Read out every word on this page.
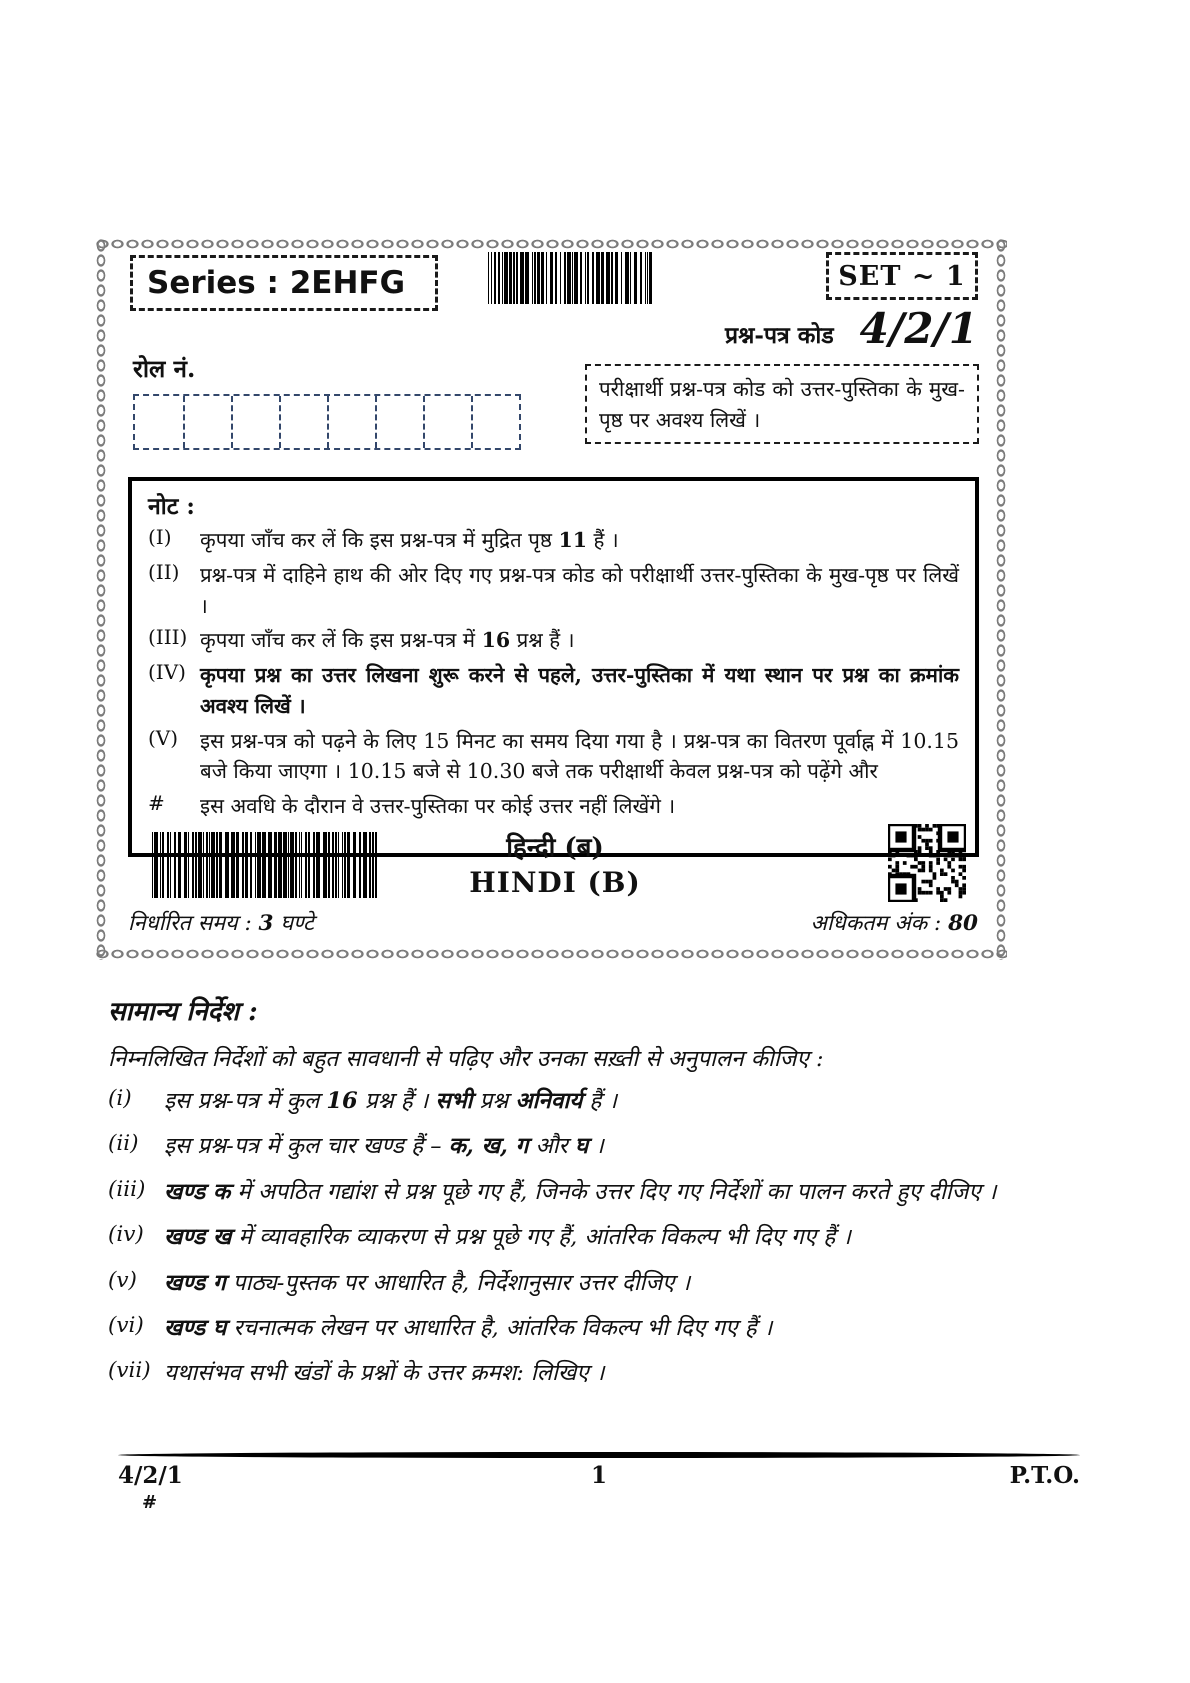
Series : 2EHFG	SET ~ 1
प्रश्न-पत्र कोड 4/2/1
रोल नं.
परीक्षार्थी प्रश्न-पत्र कोड को उत्तर-पुस्तिका के मुख-पृष्ठ पर अवश्य लिखें ।
नोट :
(I)	कृपया जाँच कर लें कि इस प्रश्न-पत्र में मुद्रित पृष्ठ 11 हैं ।
(II)	प्रश्न-पत्र में दाहिने हाथ की ओर दिए गए प्रश्न-पत्र कोड को परीक्षार्थी उत्तर-पुस्तिका के मुख-पृष्ठ पर लिखें ।
(III) कृपया जाँच कर लें कि इस प्रश्न-पत्र में 16 प्रश्न हैं ।
(IV) कृपया प्रश्न का उत्तर लिखना शुरू करने से पहले, उत्तर-पुस्तिका में यथा स्थान पर प्रश्न का क्रमांक अवश्य लिखें ।
(V)	इस प्रश्न-पत्र को पढ़ने के लिए 15 मिनट का समय दिया गया है । प्रश्न-पत्र का वितरण पूर्वाह्न में 10.15 बजे किया जाएगा । 10.15 बजे से 10.30 बजे तक परीक्षार्थी केवल प्रश्न-पत्र को पढ़ेंगे और
#	इस अवधि के दौरान वे उत्तर-पुस्तिका पर कोई उत्तर नहीं लिखेंगे ।
हिन्दी (ब)
HINDI (B)
निर्धारित समय : 3 घण्टे	अधिकतम अंक : 80
सामान्य निर्देश :
निम्नलिखित निर्देशों को बहुत सावधानी से पढ़िए और उनका सख़्ती से अनुपालन कीजिए :
(i)	इस प्रश्न-पत्र में कुल 16 प्रश्न हैं । सभी प्रश्न अनिवार्य हैं ।
(ii)	इस प्रश्न-पत्र में कुल चार खण्ड हैं – क, ख, ग और घ ।
(iii) खण्ड क में अपठित गद्यांश से प्रश्न पूछे गए हैं, जिनके उत्तर दिए गए निर्देशों का पालन करते हुए दीजिए ।
(iv) खण्ड ख में व्यावहारिक व्याकरण से प्रश्न पूछे गए हैं, आंतरिक विकल्प भी दिए गए हैं ।
(v)	खण्ड ग पाठ्य-पुस्तक पर आधारित है, निर्देशानुसार उत्तर दीजिए ।
(vi) खण्ड घ रचनात्मक लेखन पर आधारित है, आंतरिक विकल्प भी दिए गए हैं ।
(vii) यथासंभव सभी खंडों के प्रश्नों के उत्तर क्रमश: लिखिए ।
4/2/1	1	P.T.O.
#
